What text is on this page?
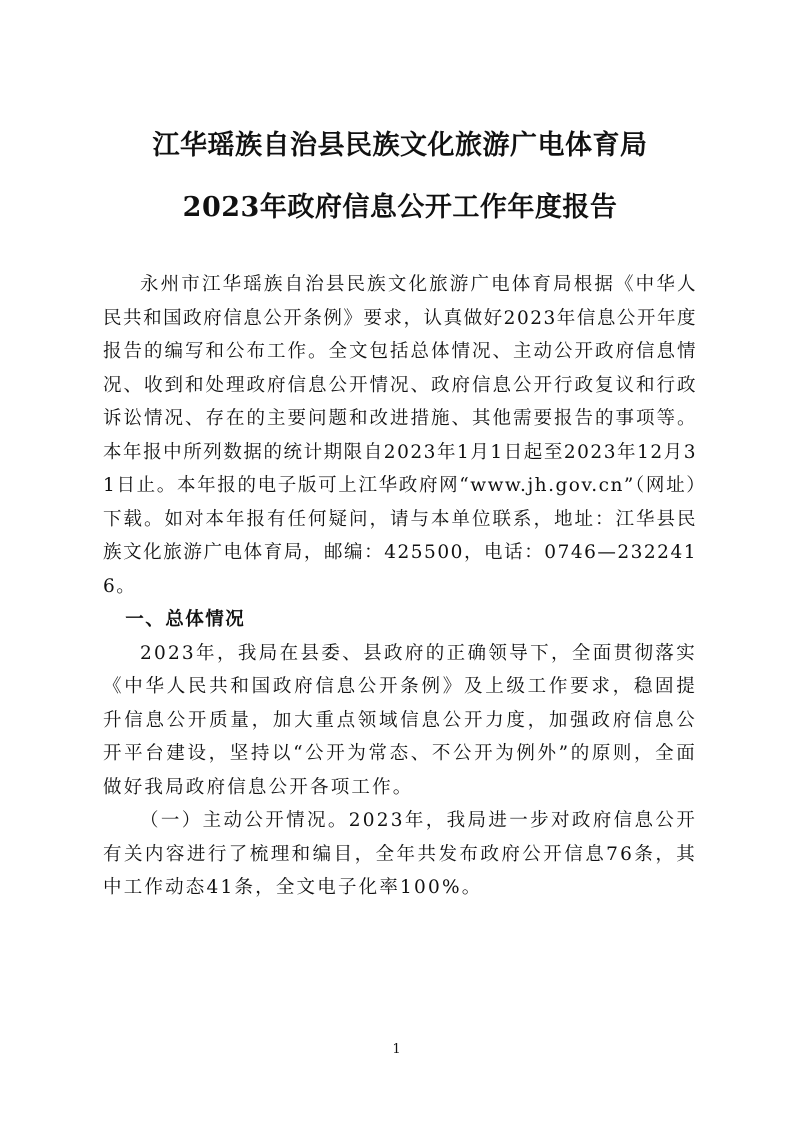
江华瑶族自治县民族文化旅游广电体育局
2023年政府信息公开工作年度报告

永州市江华瑶族自治县民族文化旅游广电体育局根据《中华人民共和国政府信息公开条例》要求，认真做好2023年信息公开年度报告的编写和公布工作。全文包括总体情况、主动公开政府信息情况、收到和处理政府信息公开情况、政府信息公开行政复议和行政诉讼情况、存在的主要问题和改进措施、其他需要报告的事项等。本年报中所列数据的统计期限自2023年1月1日起至2023年12月31日止。本年报的电子版可上江华政府网“www.jh.gov.cn”（网址）下载。如对本年报有任何疑问，请与本单位联系，地址：江华县民族文化旅游广电体育局，邮编：425500，电话：0746—2322416。

一、总体情况

2023年，我局在县委、县政府的正确领导下，全面贯彻落实《中华人民共和国政府信息公开条例》及上级工作要求，稳固提升信息公开质量，加大重点领域信息公开力度，加强政府信息公开平台建设，坚持以“公开为常态、不公开为例外”的原则，全面做好我局政府信息公开各项工作。

（一）主动公开情况。2023年，我局进一步对政府信息公开有关内容进行了梳理和编目，全年共发布政府公开信息76条，其中工作动态41条，全文电子化率100%。

1
